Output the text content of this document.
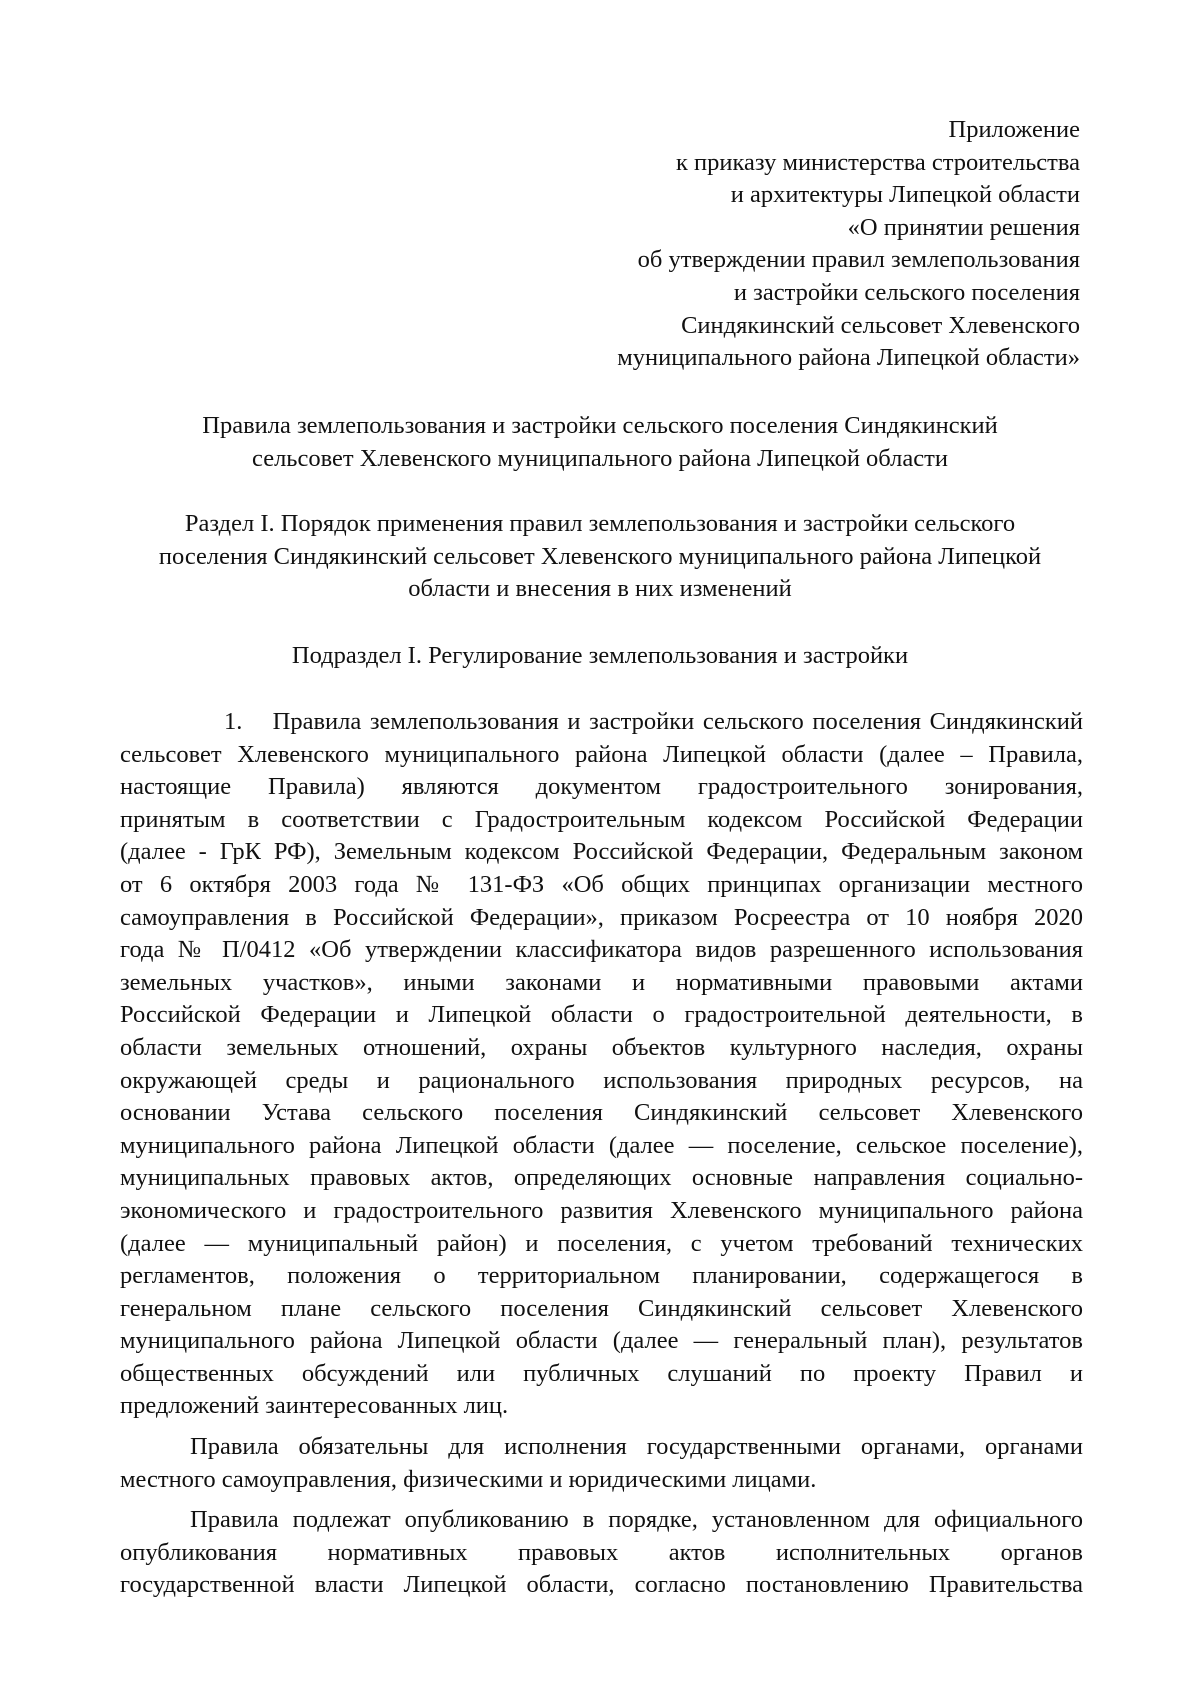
Приложение
к приказу министерства строительства
и архитектуры Липецкой области
«О принятии решения
об утверждении правил землепользования
и застройки сельского поселения
Синдякинский сельсовет Хлевенского
муниципального района Липецкой области»
Правила землепользования и застройки сельского поселения Синдякинский
сельсовет Хлевенского муниципального района Липецкой области
Раздел I. Порядок применения правил землепользования и застройки сельского
поселения Синдякинский сельсовет Хлевенского муниципального района Липецкой
области и внесения в них изменений
Подраздел I. Регулирование землепользования и застройки
1. Правила землепользования и застройки сельского поселения Синдякинский
сельсовет Хлевенского муниципального района Липецкой области (далее – Правила,
настоящие Правила) являются документом градостроительного зонирования,
принятым в соответствии с Градостроительным кодексом Российской Федерации
(далее - ГрК РФ), Земельным кодексом Российской Федерации, Федеральным законом
от 6 октября 2003 года № 131-ФЗ «Об общих принципах организации местного
самоуправления в Российской Федерации», приказом Росреестра от 10 ноября 2020
года № П/0412 «Об утверждении классификатора видов разрешенного использования
земельных участков», иными законами и нормативными правовыми актами
Российской Федерации и Липецкой области о градостроительной деятельности, в
области земельных отношений, охраны объектов культурного наследия, охраны
окружающей среды и рационального использования природных ресурсов, на
основании Устава сельского поселения Синдякинский сельсовет Хлевенского
муниципального района Липецкой области (далее — поселение, сельское поселение),
муниципальных правовых актов, определяющих основные направления социально-
экономического и градостроительного развития Хлевенского муниципального района
(далее — муниципальный район) и поселения, с учетом требований технических
регламентов, положения о территориальном планировании, содержащегося в
генеральном плане сельского поселения Синдякинский сельсовет Хлевенского
муниципального района Липецкой области (далее — генеральный план), результатов
общественных обсуждений или публичных слушаний по проекту Правил и
предложений заинтересованных лиц.
Правила обязательны для исполнения государственными органами, органами
местного самоуправления, физическими и юридическими лицами.
Правила подлежат опубликованию в порядке, установленном для официального
опубликования нормативных правовых актов исполнительных органов
государственной власти Липецкой области, согласно постановлению Правительства
